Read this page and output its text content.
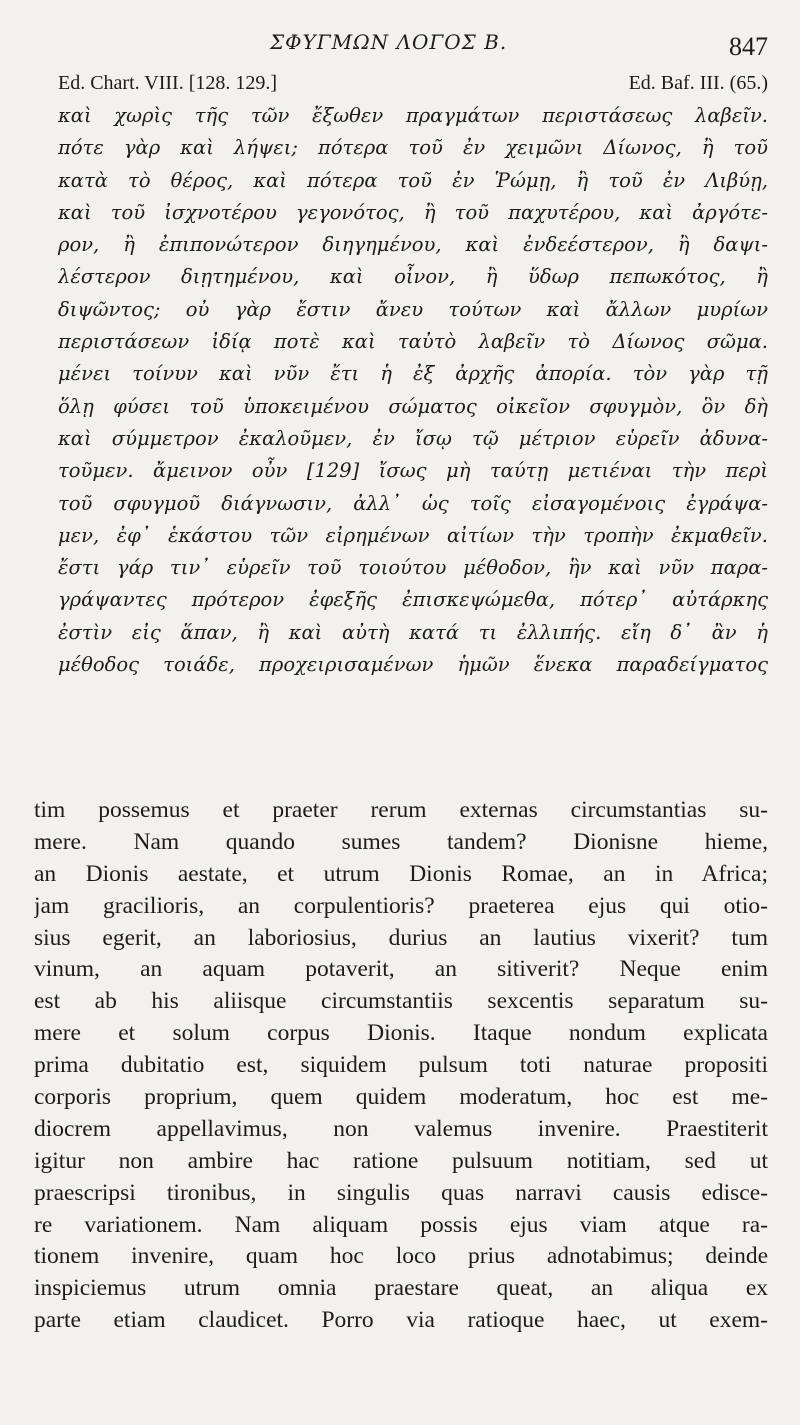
ΣΦΥΓΜΩΝ ΛΟΓΟΣ Β.	847
Ed. Chart. VIII. [128. 129.]	Ed. Baf. III. (65.)
καὶ χωρὶς τῆς τῶν ἔξωθεν πραγμάτων περιστάσεως λαβεῖν.
πότε γὰρ καὶ λήψει; πότερα τοῦ ἐν χειμῶνι Δίωνος, ἢ τοῦ
κατὰ τὸ θέρος, καὶ πότερα τοῦ ἐν Ῥώμῃ, ἢ τοῦ ἐν Λιβύῃ,
καὶ τοῦ ἰσχνοτέρου γεγονότος, ἢ τοῦ παχυτέρου, καὶ ἀργότε-
ρον, ἢ ἐπιπονώτερον διηγημένου, καὶ ἐνδεέστερον, ἢ δαψι-
λέστερον διῃτημένου, καὶ οἶνον, ἢ ὕδωρ πεπωκότος, ἢ
διψῶντος; οὐ γὰρ ἔστιν ἄνευ τούτων καὶ ἄλλων μυρίων
περιστάσεων ἰδίᾳ ποτὲ καὶ ταὐτὸ λαβεῖν τὸ Δίωνος σῶμα.
μένει τοίνυν καὶ νῦν ἔτι ἡ ἐξ ἀρχῆς ἀπορία. τὸν γὰρ τῇ
ὅλῃ φύσει τοῦ ὑποκειμένου σώματος οἰκεῖον σφυγμὸν, ὃν δὴ
καὶ σύμμετρον ἐκαλοῦμεν, ἐν ἴσῳ τῷ μέτριον εὑρεῖν ἀδυνα-
τοῦμεν. ἄμεινον οὖν [129] ἴσως μὴ ταύτῃ μετιέναι τὴν περὶ
τοῦ σφυγμοῦ διάγνωσιν, ἀλλ᾽ ὡς τοῖς εἰσαγομένοις ἐγράψα-
μεν, ἐφ᾽ ἑκάστου τῶν εἰρημένων αἰτίων τὴν τροπὴν ἐκμαθεῖν.
ἔστι γάρ τιν᾽ εὑρεῖν τοῦ τοιούτου μέθοδον, ἣν καὶ νῦν παρα-
γράψαντες πρότερον ἐφεξῆς ἐπισκεψώμεθα, πότερ᾽ αὐτάρκης
ἐστὶν εἰς ἅπαν, ἢ καὶ αὐτὴ κατά τι ἐλλιπής. εἴη δ᾽ ἂν ἡ
μέθοδος τοιάδε, προχειρισαμένων ἡμῶν ἕνεκα παραδείγματος
tim possemus et praeter rerum externas circumstantias su-
mere. Nam quando sumes tandem? Dionisne hieme,
an Dionis aestate, et utrum Dionis Romae, an in Africa;
jam gracilioris, an corpulentioris? praeterea ejus qui otio-
sius egerit, an laboriosius, durius an lautius vixerit? tum
vinum, an aquam potaverit, an sitiverit? Neque enim
est ab his aliisque circumstantiis sexcentis separatum su-
mere et solum corpus Dionis. Itaque nondum explicata
prima dubitatio est, siquidem pulsum toti naturae propositi
corporis proprium, quem quidem moderatum, hoc est me-
diocrem appellavimus, non valemus invenire. Praestiterit
igitur non ambire hac ratione pulsuum notitiam, sed ut
praescripsi tironibus, in singulis quas narravi causis edisce-
re variationem. Nam aliquam possis ejus viam atque ra-
tionem invenire, quam hoc loco prius adnotabimus; deinde
inspiciemus utrum omnia praestare queat, an aliqua ex
parte etiam claudicet. Porro via ratioque haec, ut exem-
